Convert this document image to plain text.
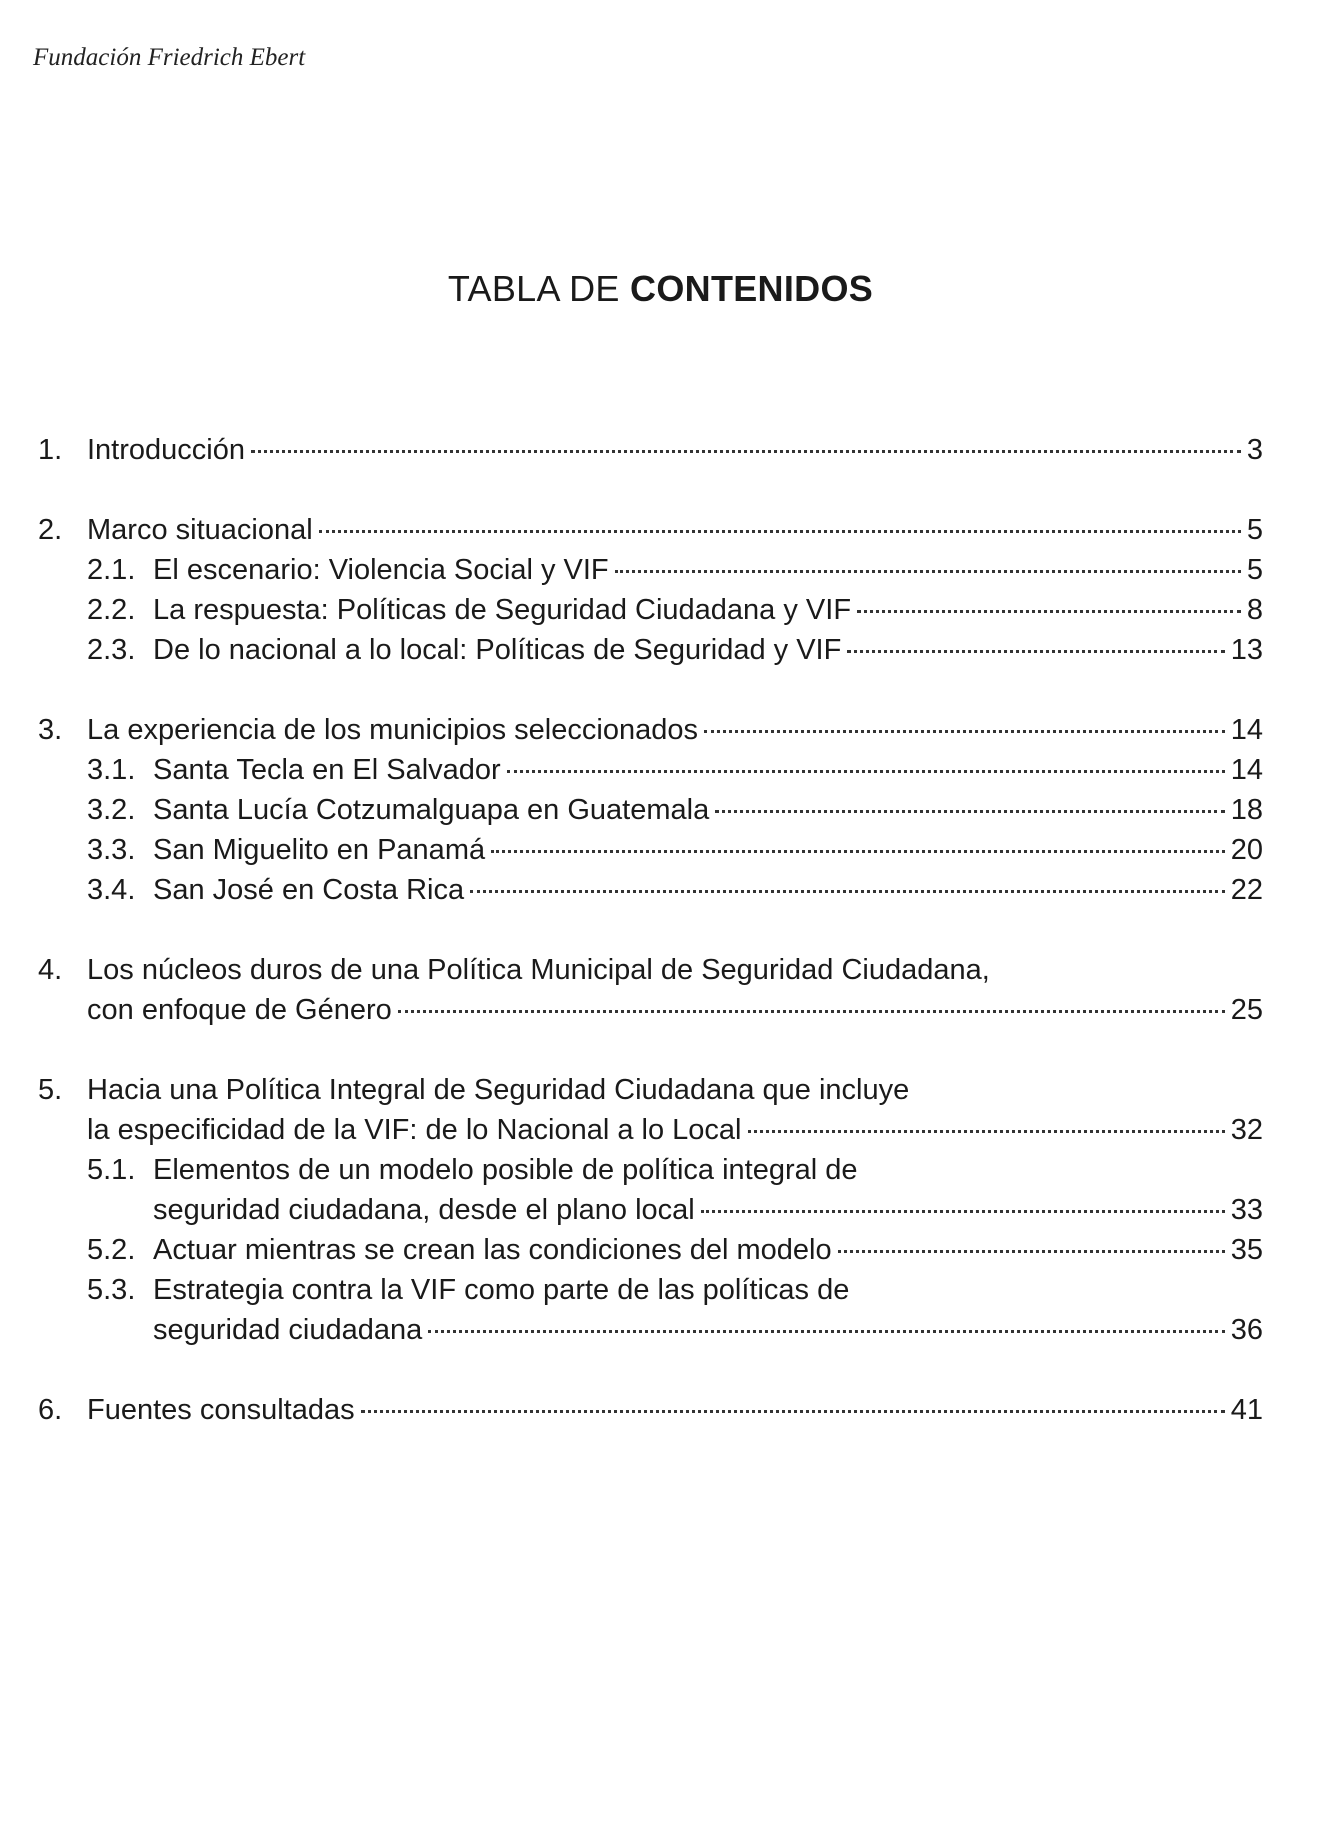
Fundación Friedrich Ebert
TABLA DE CONTENIDOS
1. Introducción	3
2. Marco situacional	5
2.1. El escenario: Violencia Social y VIF	5
2.2. La respuesta: Políticas de Seguridad Ciudadana y VIF	8
2.3. De lo nacional a lo local: Políticas de Seguridad y VIF	13
3. La experiencia de los municipios seleccionados	14
3.1. Santa Tecla en El Salvador	14
3.2. Santa Lucía Cotzumalguapa en Guatemala	18
3.3. San Miguelito en Panamá	20
3.4. San José en Costa Rica	22
4. Los núcleos duros de una Política Municipal de Seguridad Ciudadana,
con enfoque de Género	25
5. Hacia una Política Integral de Seguridad Ciudadana que incluye
la especificidad de la VIF: de lo Nacional a lo Local	32
5.1. Elementos de un modelo posible de política integral de
seguridad ciudadana, desde el plano local	33
5.2. Actuar mientras se crean las condiciones del modelo	35
5.3. Estrategia contra la VIF como parte de las políticas de
seguridad ciudadana	36
6. Fuentes consultadas	41
